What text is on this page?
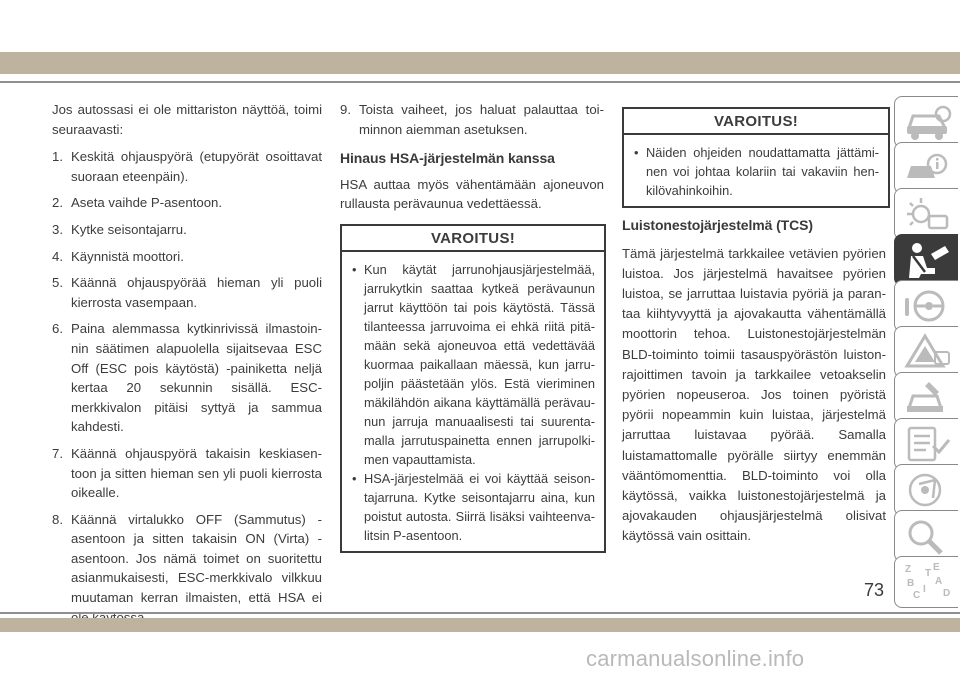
Jos autossasi ei ole mittariston näyttöä, toimi seuraavasti:

1. Keskitä ohjauspyörä (etupyörät osoittavat suoraan eteenpäin).
2. Aseta vaihde P-asentoon.
3. Kytke seisontajarru.
4. Käynnistä moottori.
5. Käännä ohjauspyörää hieman yli puoli kierrosta vasempaan.
6. Paina alemmassa kytkinrivissä ilmastoinnin säätimen alapuolella sijaitsevaa ESC Off (ESC pois käytöstä) -painiketta neljä kertaa 20 sekunnin sisällä. ESC-merkkivalon pitäisi syttyä ja sammua kahdesti.
7. Käännä ohjauspyörä takaisin keskiasentoon ja sitten hieman sen yli puoli kierrosta oikealle.
8. Käännä virtalukko OFF (Sammutus) -asentoon ja sitten takaisin ON (Virta) -asentoon. Jos nämä toimet on suoritettu asianmukaisesti, ESC-merkkivalo vilkkuu muutaman kerran ilmaisten, että HSA ei
9. Toista vaiheet, jos haluat palauttaa toiminnon aiemman asetuksen.
Hinaus HSA-järjestelmän kanssa

HSA auttaa myös vähentämään ajoneuvon rullausta perävaunua vedettäessä.

VAROITUS!
• Kun käytät jarrunohjausjärjestelmää, jarrukytkin saattaa kytkeä perävaunun jarrut käyttöön tai pois käytöstä. Tässä tilanteessa jarruvoima ei ehkä riitä pitämään sekä ajoneuvoa että vedettävää kuormaa paikallaan mäessä, kun jarrupoljin päästetään ylös. Estä vieriminen mäkilähdön aikana käyttämällä perävaunun jarruja manuaalisesti tai suurentamalla jarrutuspainetta ennen jarrupolkimen vapauttamista.
• HSA-järjestelmää ei voi käyttää seisontajarruna. Kytke seisontajarru aina, kun poistut autosta. Siirrä lisäksi vaihteenvalitsin P-asentoon.
VAROITUS!
• Näiden ohjeiden noudattamatta jättäminen voi johtaa kolariin tai vakaviin henkilövahinkoihin.
Luistonestojärjestelmä (TCS)

Tämä järjestelmä tarkkailee vetävien pyörien luistoa. Jos järjestelmä havaitsee pyörien luistoa, se jarruttaa luistavia pyöriä ja parantaa kiihtyvyyttä ja ajovakautta vähentämällä moottorin tehoa. Luistonestojärjestelmän BLD-toiminto toimii tasauspyörästön luistonrajoittimen tavoin ja tarkkailee vetoakselin pyörien nopeuseroa. Jos toinen pyöristä pyörii nopeammin kuin luistaa, järjestelmä jarruttaa luistavaa pyörää. Samalla luistamattomalle pyörälle siirtyy enemmän vääntömomenttia. BLD-toiminto voi olla käytössä, vaikka luistonestojärjestelmä ja ajovakauden ohjausjärjestelmä olisivat käytössä vain osittain.

Z E
B A
C D
I
T
73
carmanualsonline.info
